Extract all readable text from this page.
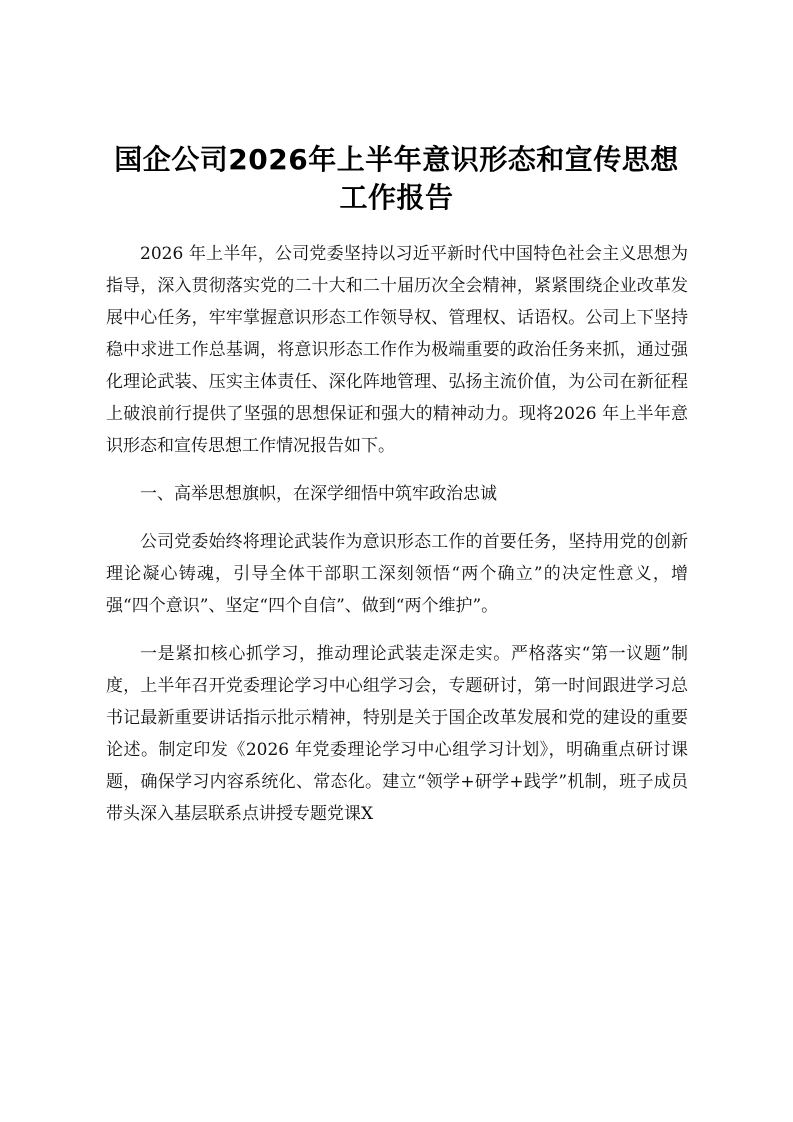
国企公司2026年上半年意识形态和宣传思想
工作报告

2026 年上半年，公司党委坚持以习近平新时代中国特色社会主义思想为指导，深入贯彻落实党的二十大和二十届历次全会精神，紧紧围绕企业改革发展中心任务，牢牢掌握意识形态工作领导权、管理权、话语权。公司上下坚持稳中求进工作总基调，将意识形态工作作为极端重要的政治任务来抓，通过强化理论武装、压实主体责任、深化阵地管理、弘扬主流价值，为公司在新征程上破浪前行提供了坚强的思想保证和强大的精神动力。现将2026 年上半年意识形态和宣传思想工作情况报告如下。

一、高举思想旗帜，在深学细悟中筑牢政治忠诚

公司党委始终将理论武装作为意识形态工作的首要任务，坚持用党的创新理论凝心铸魂，引导全体干部职工深刻领悟“两个确立”的决定性意义，增强“四个意识”、坚定“四个自信”、做到“两个维护”。

一是紧扣核心抓学习，推动理论武装走深走实。严格落实“第一议题”制度，上半年召开党委理论学习中心组学习会，专题研讨，第一时间跟进学习总书记最新重要讲话指示批示精神，特别是关于国企改革发展和党的建设的重要论述。制定印发《2026 年党委理论学习中心组学习计划》，明确重点研讨课题，确保学习内容系统化、常态化。建立“领学+研学+践学”机制，班子成员带头深入基层联系点讲授专题党课X
